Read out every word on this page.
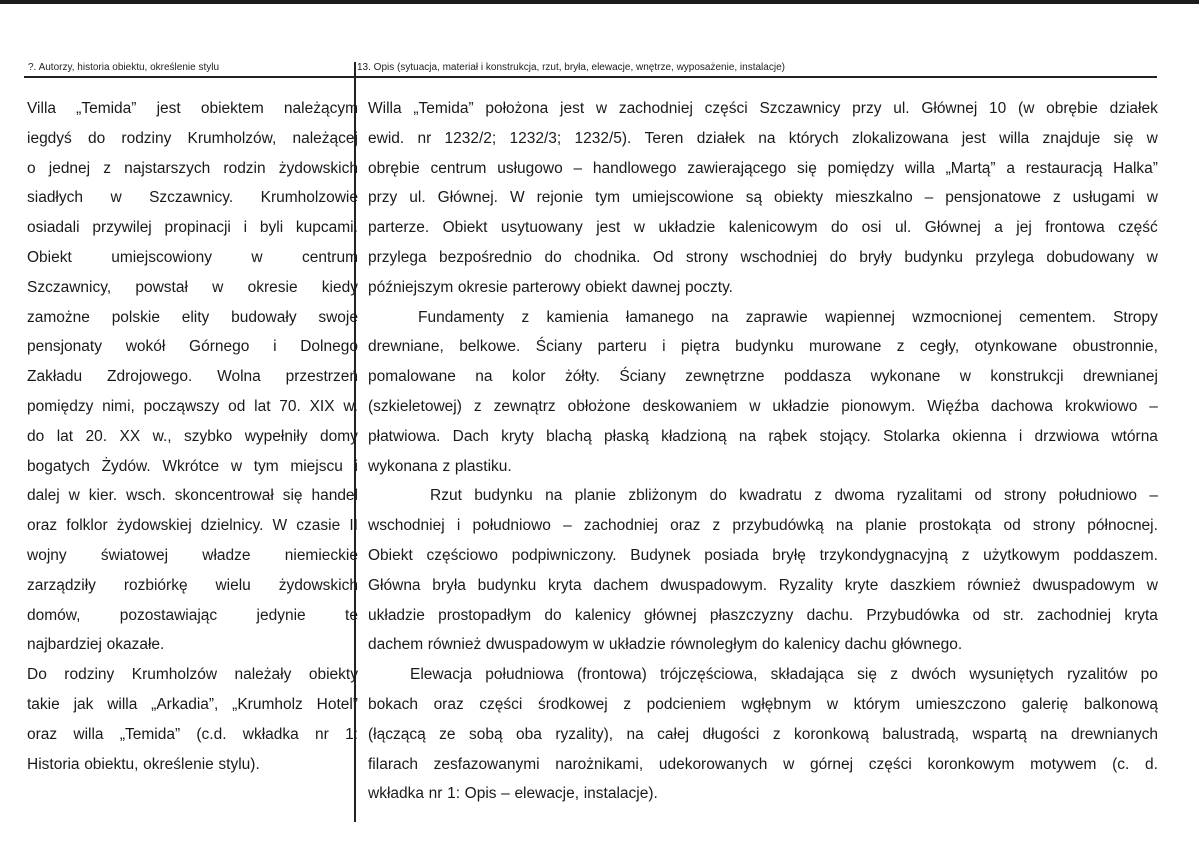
?. Autorzy, historia obiektu, określenie stylu	13. Opis (sytuacja, materiał i konstrukcja, rzut, bryła, elewacje, wnętrze, wyposażenie, instalacje)
Villa „Temida” jest obiektem należącym
iegdyś do rodziny Krumholzów, należącej
o jednej z najstarszych rodzin żydowskich
siadłych w Szczawnicy. Krumholzowie
osiadali przywilej propinacji i byli kupcami.
Obiekt	umiejscowiony	w	centrum
Szczawnicy, powstał w okresie kiedy
zamożne polskie elity budowały swoje
pensjonaty wokół Górnego i Dolnego
Zakładu Zdrojowego. Wolna przestrzeń
pomiędzy nimi, począwszy od lat 70. XIX w.
do lat 20. XX w., szybko wypełniły domy
bogatych Żydów. Wkrótce w tym miejscu i
dalej w kier. wsch. skoncentrował się handel
oraz folklor żydowskiej dzielnicy. W czasie II
wojny światowej władze niemieckie
zarządziły rozbiórkę wielu żydowskich
domów,	pozostawiając	jedynie	te
najbardziej okazałe.
Do rodziny Krumholzów należały obiekty
takie jak willa „Arkadia”, „Krumholz Hotel”
oraz willa „Temida” (c.d. wkładka nr 1:
Historia obiektu, określenie stylu).
Willa „Temida” położona jest w zachodniej części Szczawnicy przy ul. Głównej 10 (w obrębie działek
ewid. nr 1232/2; 1232/3; 1232/5). Teren działek na których zlokalizowana jest willa znajduje się w
obrębie centrum usługowo – handlowego zawierającego się pomiędzy willa „Martą” a restauracją Halka”
przy ul. Głównej. W rejonie tym umiejscowione są obiekty mieszkalno – pensjonatowe z usługami w
parterze. Obiekt usytuowany jest w układzie kalenicowym do osi ul. Głównej a jej frontowa część
przylega bezpośrednio do chodnika. Od strony wschodniej do bryły budynku przylega dobudowany w
późniejszym okresie parterowy obiekt dawnej poczty.
Fundamenty z kamienia łamanego na zaprawie wapiennej wzmocnionej cementem. Stropy
drewniane, belkowe. Ściany parteru i piętra budynku murowane z cegły, otynkowane obustronnie,
pomalowane na kolor żółty. Ściany zewnętrzne poddasza wykonane w konstrukcji drewnianej
(szkieletowej) z zewnątrz obłożone deskowaniem w układzie pionowym. Więźba dachowa krokwiowo –
płatwiowa. Dach kryty blachą płaską kładzioną na rąbek stojący. Stolarka okienna i drzwiowa wtórna
wykonana z plastiku.
Rzut budynku na planie zbliżonym do kwadratu z dwoma ryzalitami od strony południowo –
wschodniej i południowo – zachodniej oraz z przybudówką na planie prostokąta od strony północnej.
Obiekt częściowo podpiwniczony. Budynek posiada bryłę trzykondygnacyjną z użytkowym poddaszem.
Główna bryła budynku kryta dachem dwuspadowym. Ryzality kryte daszkiem również dwuspadowym w
układzie prostopadłym do kalenicy głównej płaszczyzny dachu. Przybudówka od str. zachodniej kryta
dachem również dwuspadowym w układzie równoległym do kalenicy dachu głównego.
Elewacja południowa (frontowa) trójczęściowa, składająca się z dwóch wysuniętych ryzalitów po
bokach oraz części środkowej z podcieniem wgłębnym w którym umieszczono galerię balkonową
(łączącą ze sobą oba ryzality), na całej długości z koronkową balustradą, wspartą na drewnianych
filarach zesfazowanymi narożnikami, udekorowanych w górnej części koronkowym motywem (c. d.
wkładka nr 1: Opis – elewacje, instalacje).
